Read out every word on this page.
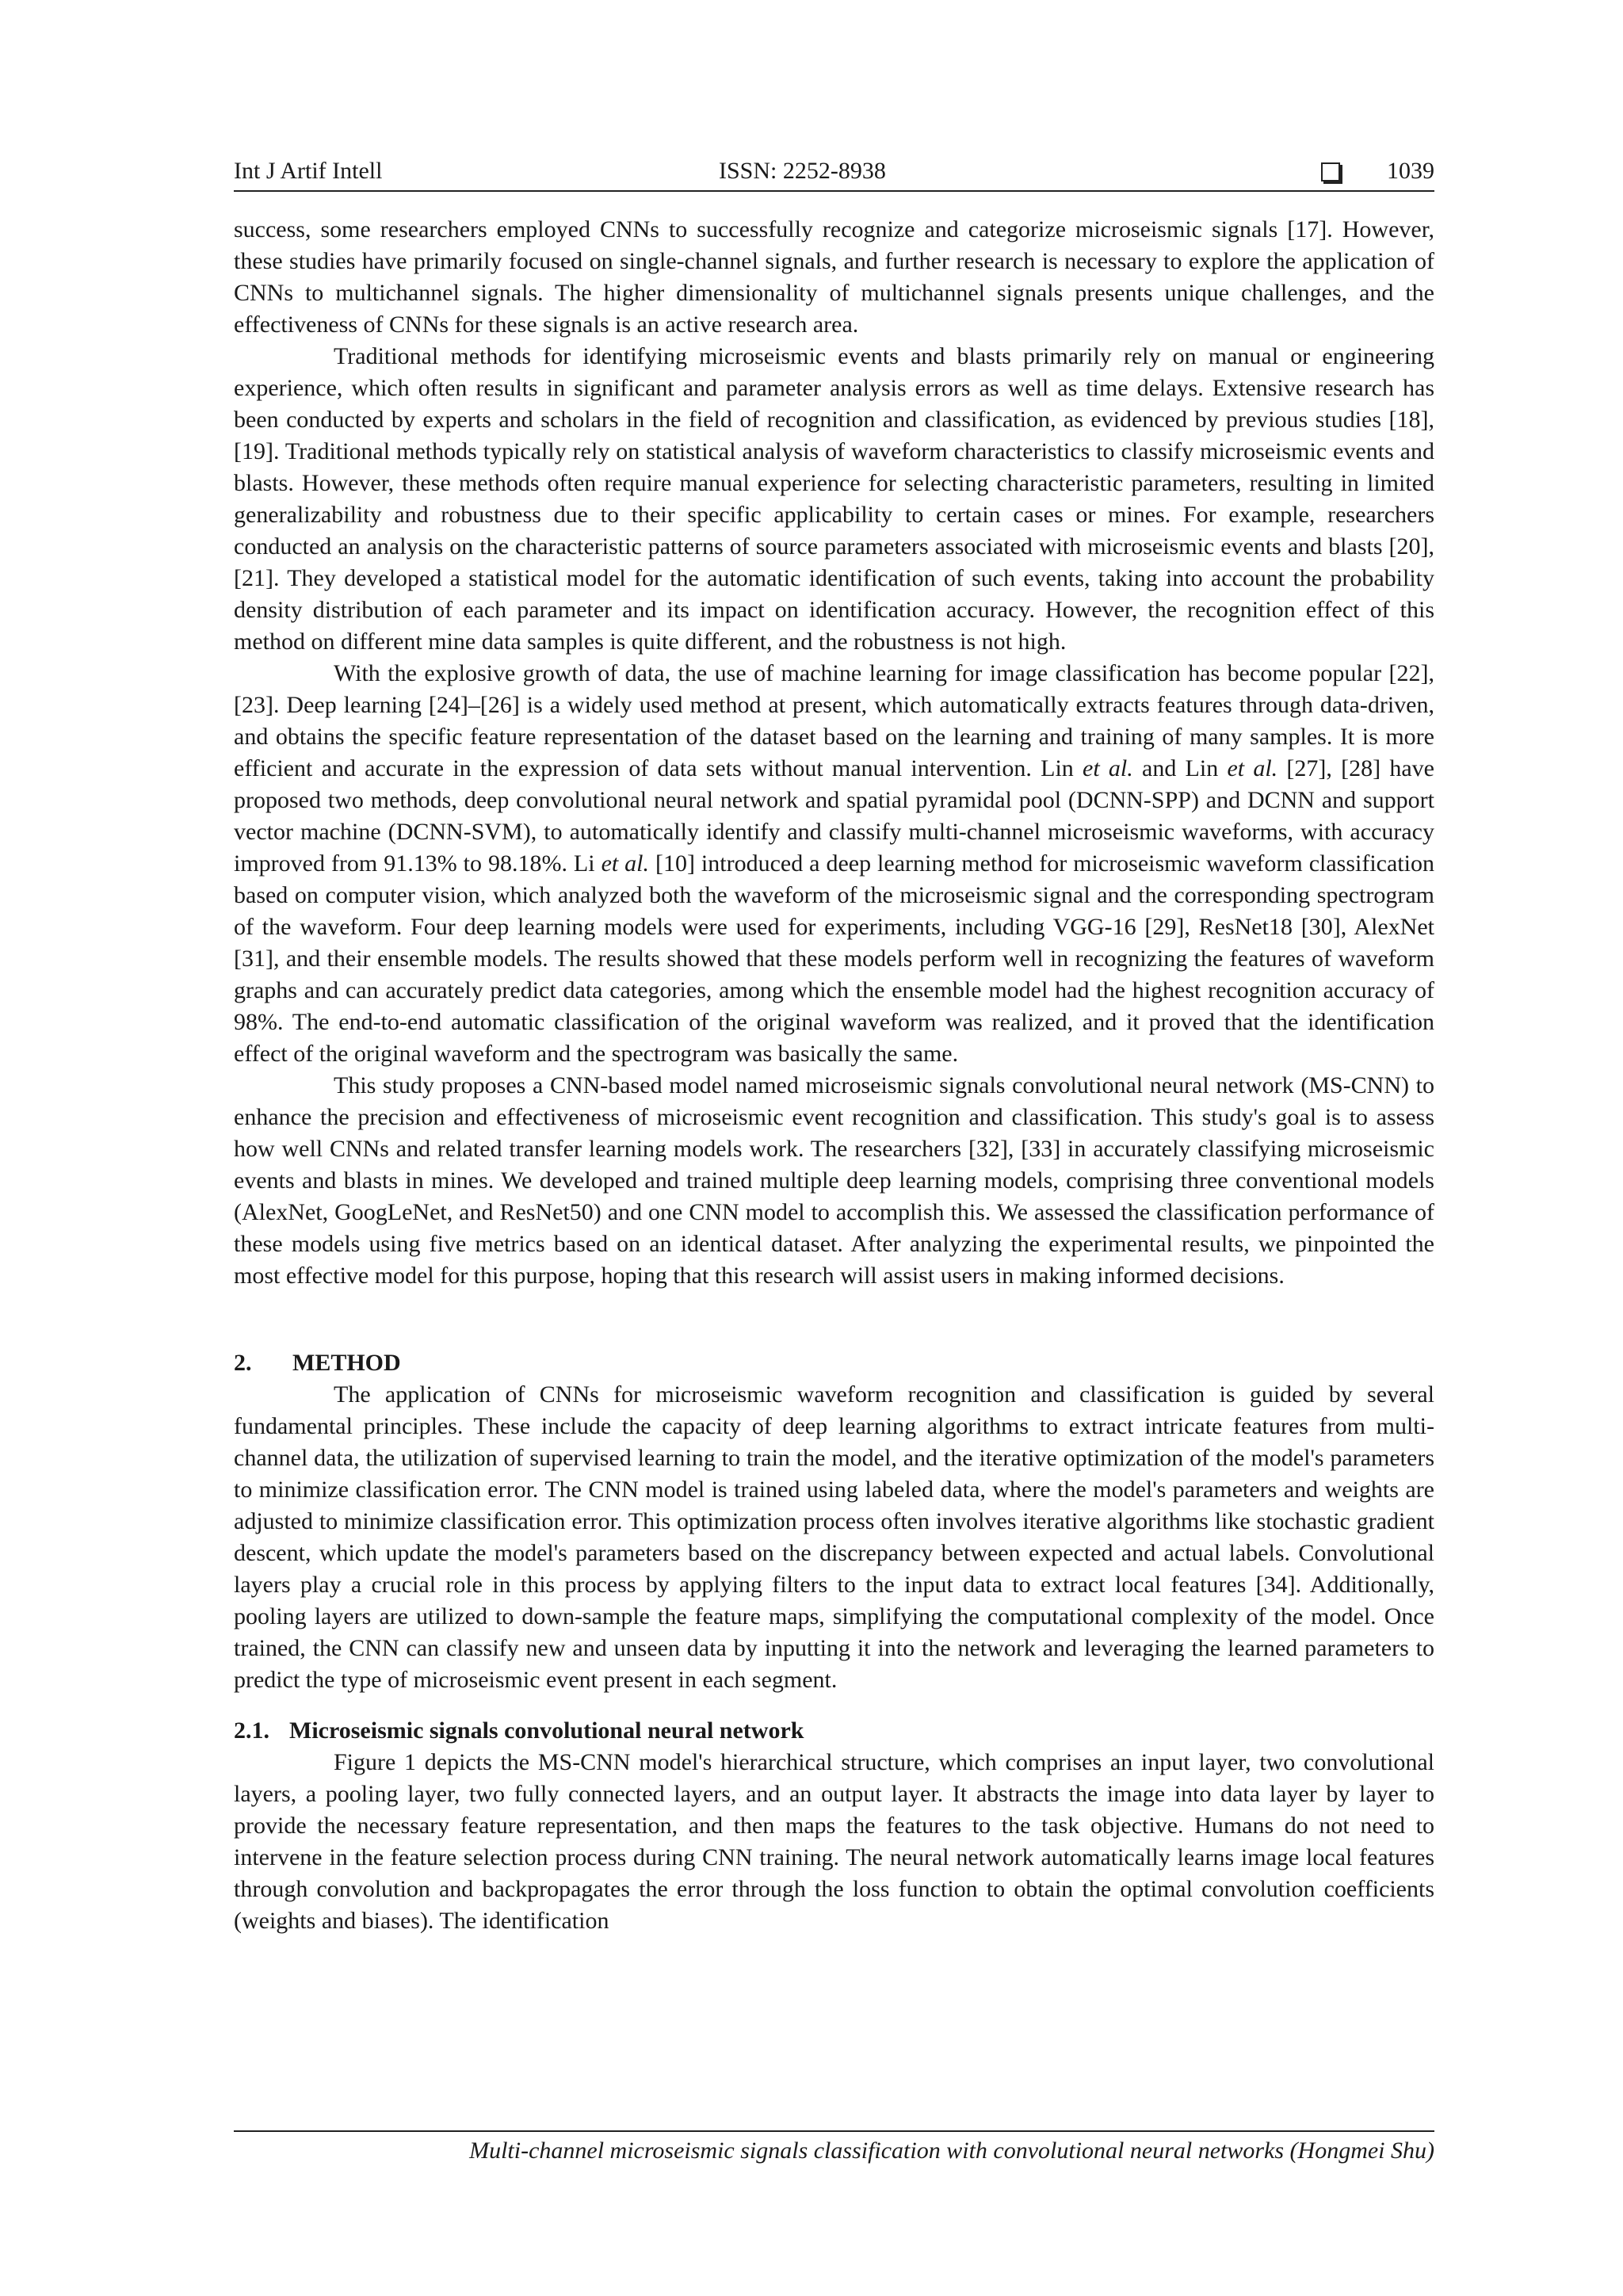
Int J Artif Intell	ISSN: 2252-8938	1039

success, some researchers employed CNNs to successfully recognize and categorize microseismic signals [17]. However, these studies have primarily focused on single-channel signals, and further research is necessary to explore the application of CNNs to multichannel signals. The higher dimensionality of multichannel signals presents unique challenges, and the effectiveness of CNNs for these signals is an active research area.

Traditional methods for identifying microseismic events and blasts primarily rely on manual or engineering experience, which often results in significant and parameter analysis errors as well as time delays. Extensive research has been conducted by experts and scholars in the field of recognition and classification, as evidenced by previous studies [18], [19]. Traditional methods typically rely on statistical analysis of waveform characteristics to classify microseismic events and blasts. However, these methods often require manual experience for selecting characteristic parameters, resulting in limited generalizability and robustness due to their specific applicability to certain cases or mines. For example, researchers conducted an analysis on the characteristic patterns of source parameters associated with microseismic events and blasts [20], [21]. They developed a statistical model for the automatic identification of such events, taking into account the probability density distribution of each parameter and its impact on identification accuracy. However, the recognition effect of this method on different mine data samples is quite different, and the robustness is not high.

With the explosive growth of data, the use of machine learning for image classification has become popular [22], [23]. Deep learning [24]–[26] is a widely used method at present, which automatically extracts features through data-driven, and obtains the specific feature representation of the dataset based on the learning and training of many samples. It is more efficient and accurate in the expression of data sets without manual intervention. Lin et al. and Lin et al. [27], [28] have proposed two methods, deep convolutional neural network and spatial pyramidal pool (DCNN-SPP) and DCNN and support vector machine (DCNN-SVM), to automatically identify and classify multi-channel microseismic waveforms, with accuracy improved from 91.13% to 98.18%. Li et al. [10] introduced a deep learning method for microseismic waveform classification based on computer vision, which analyzed both the waveform of the microseismic signal and the corresponding spectrogram of the waveform. Four deep learning models were used for experiments, including VGG-16 [29], ResNet18 [30], AlexNet [31], and their ensemble models. The results showed that these models perform well in recognizing the features of waveform graphs and can accurately predict data categories, among which the ensemble model had the highest recognition accuracy of 98%. The end-to-end automatic classification of the original waveform was realized, and it proved that the identification effect of the original waveform and the spectrogram was basically the same.

This study proposes a CNN-based model named microseismic signals convolutional neural network (MS-CNN) to enhance the precision and effectiveness of microseismic event recognition and classification. This study's goal is to assess how well CNNs and related transfer learning models work. The researchers [32], [33] in accurately classifying microseismic events and blasts in mines. We developed and trained multiple deep learning models, comprising three conventional models (AlexNet, GoogLeNet, and ResNet50) and one CNN model to accomplish this. We assessed the classification performance of these models using five metrics based on an identical dataset. After analyzing the experimental results, we pinpointed the most effective model for this purpose, hoping that this research will assist users in making informed decisions.

2. METHOD

The application of CNNs for microseismic waveform recognition and classification is guided by several fundamental principles. These include the capacity of deep learning algorithms to extract intricate features from multi-channel data, the utilization of supervised learning to train the model, and the iterative optimization of the model's parameters to minimize classification error. The CNN model is trained using labeled data, where the model's parameters and weights are adjusted to minimize classification error. This optimization process often involves iterative algorithms like stochastic gradient descent, which update the model's parameters based on the discrepancy between expected and actual labels. Convolutional layers play a crucial role in this process by applying filters to the input data to extract local features [34]. Additionally, pooling layers are utilized to down-sample the feature maps, simplifying the computational complexity of the model. Once trained, the CNN can classify new and unseen data by inputting it into the network and leveraging the learned parameters to predict the type of microseismic event present in each segment.

2.1. Microseismic signals convolutional neural network

Figure 1 depicts the MS-CNN model's hierarchical structure, which comprises an input layer, two convolutional layers, a pooling layer, two fully connected layers, and an output layer. It abstracts the image into data layer by layer to provide the necessary feature representation, and then maps the features to the task objective. Humans do not need to intervene in the feature selection process during CNN training. The neural network automatically learns image local features through convolution and backpropagates the error through the loss function to obtain the optimal convolution coefficients (weights and biases). The identification

Multi-channel microseismic signals classification with convolutional neural networks (Hongmei Shu)
